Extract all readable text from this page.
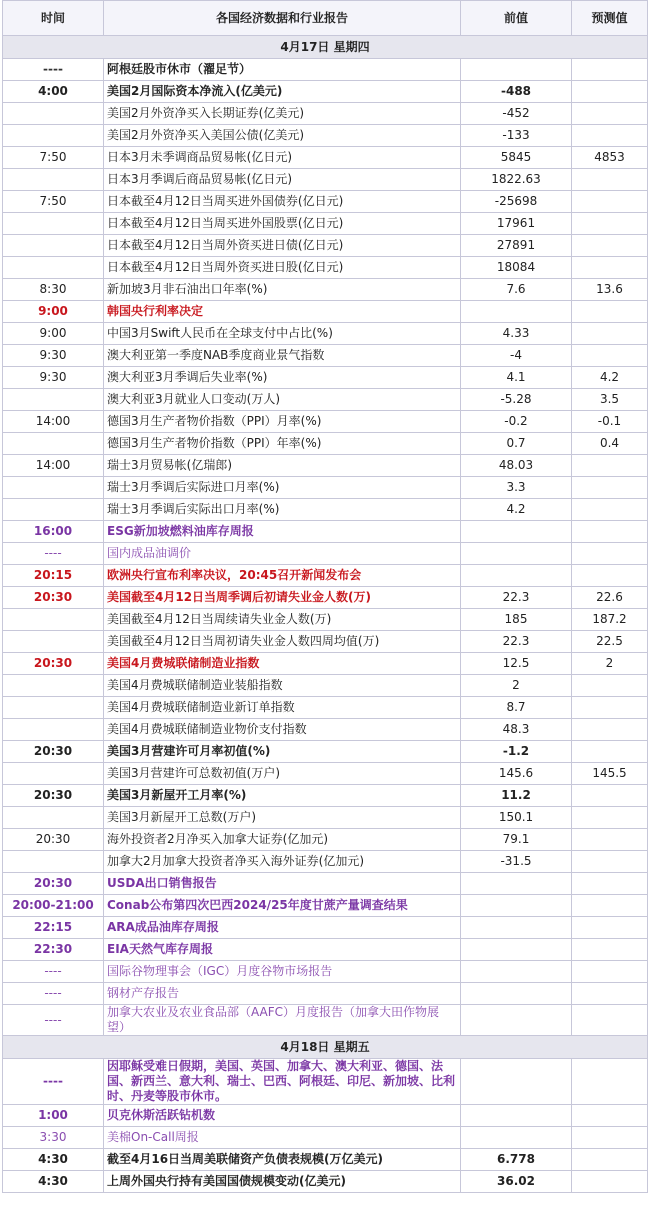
时间	各国经济数据和行业报告	前值	预测值
4月17日 星期四			
----	阿根廷股市休市（濯足节）		
4:00	美国2月国际资本净流入(亿美元)	-488	
	美国2月外资净买入长期证券(亿美元)	-452	
	美国2月外资净买入美国公债(亿美元)	-133	
7:50	日本3月未季调商品贸易帐(亿日元)	5845	4853
	日本3月季调后商品贸易帐(亿日元)	1822.63	
7:50	日本截至4月12日当周买进外国债券(亿日元)	-25698	
	日本截至4月12日当周买进外国股票(亿日元)	17961	
	日本截至4月12日当周外资买进日债(亿日元)	27891	
	日本截至4月12日当周外资买进日股(亿日元)	18084	
8:30	新加坡3月非石油出口年率(%)	7.6	13.6
9:00	韩国央行利率决定		
9:00	中国3月Swift人民币在全球支付中占比(%)	4.33	
9:30	澳大利亚第一季度NAB季度商业景气指数	-4	
9:30	澳大利亚3月季调后失业率(%)	4.1	4.2
	澳大利亚3月就业人口变动(万人)	-5.28	3.5
14:00	德国3月生产者物价指数（PPI）月率(%)	-0.2	-0.1
	德国3月生产者物价指数（PPI）年率(%)	0.7	0.4
14:00	瑞士3月贸易帐(亿瑞郎)	48.03	
	瑞士3月季调后实际进口月率(%)	3.3	
	瑞士3月季调后实际出口月率(%)	4.2	
16:00	ESG新加坡燃料油库存周报		
----	国内成品油调价		
20:15	欧洲央行宣布利率决议，20:45召开新闻发布会		
20:30	美国截至4月12日当周季调后初请失业金人数(万)	22.3	22.6
	美国截至4月12日当周续请失业金人数(万)	185	187.2
	美国截至4月12日当周初请失业金人数四周均值(万)	22.3	22.5
20:30	美国4月费城联储制造业指数	12.5	2
	美国4月费城联储制造业装船指数	2	
	美国4月费城联储制造业新订单指数	8.7	
	美国4月费城联储制造业物价支付指数	48.3	
20:30	美国3月营建许可月率初值(%)	-1.2	
	美国3月营建许可总数初值(万户)	145.6	145.5
20:30	美国3月新屋开工月率(%)	11.2	
	美国3月新屋开工总数(万户)	150.1	
20:30	海外投资者2月净买入加拿大证券(亿加元)	79.1	
	加拿大2月加拿大投资者净买入海外证券(亿加元)	-31.5	
20:30	USDA出口销售报告		
20:00-21:00	Conab公布第四次巴西2024/25年度甘蔗产量调查结果		
22:15	ARA成品油库存周报		
22:30	EIA天然气库存周报		
----	国际谷物理事会（IGC）月度谷物市场报告		
----	钢材产存报告		
----	加拿大农业及农业食品部（AAFC）月度报告（加拿大田作物展望）		
4月18日 星期五			
----	因耶稣受难日假期，美国、英国、加拿大、澳大利亚、德国、法国、新西兰、意大利、瑞士、巴西、阿根廷、印尼、新加坡、比利时、丹麦等股市休市。		
1:00	贝克休斯活跃钻机数		
3:30	美棉On-Call周报		
4:30	截至4月16日当周美联储资产负债表规模(万亿美元)	6.778	
4:30	上周外国央行持有美国国债规模变动(亿美元)	36.02	
